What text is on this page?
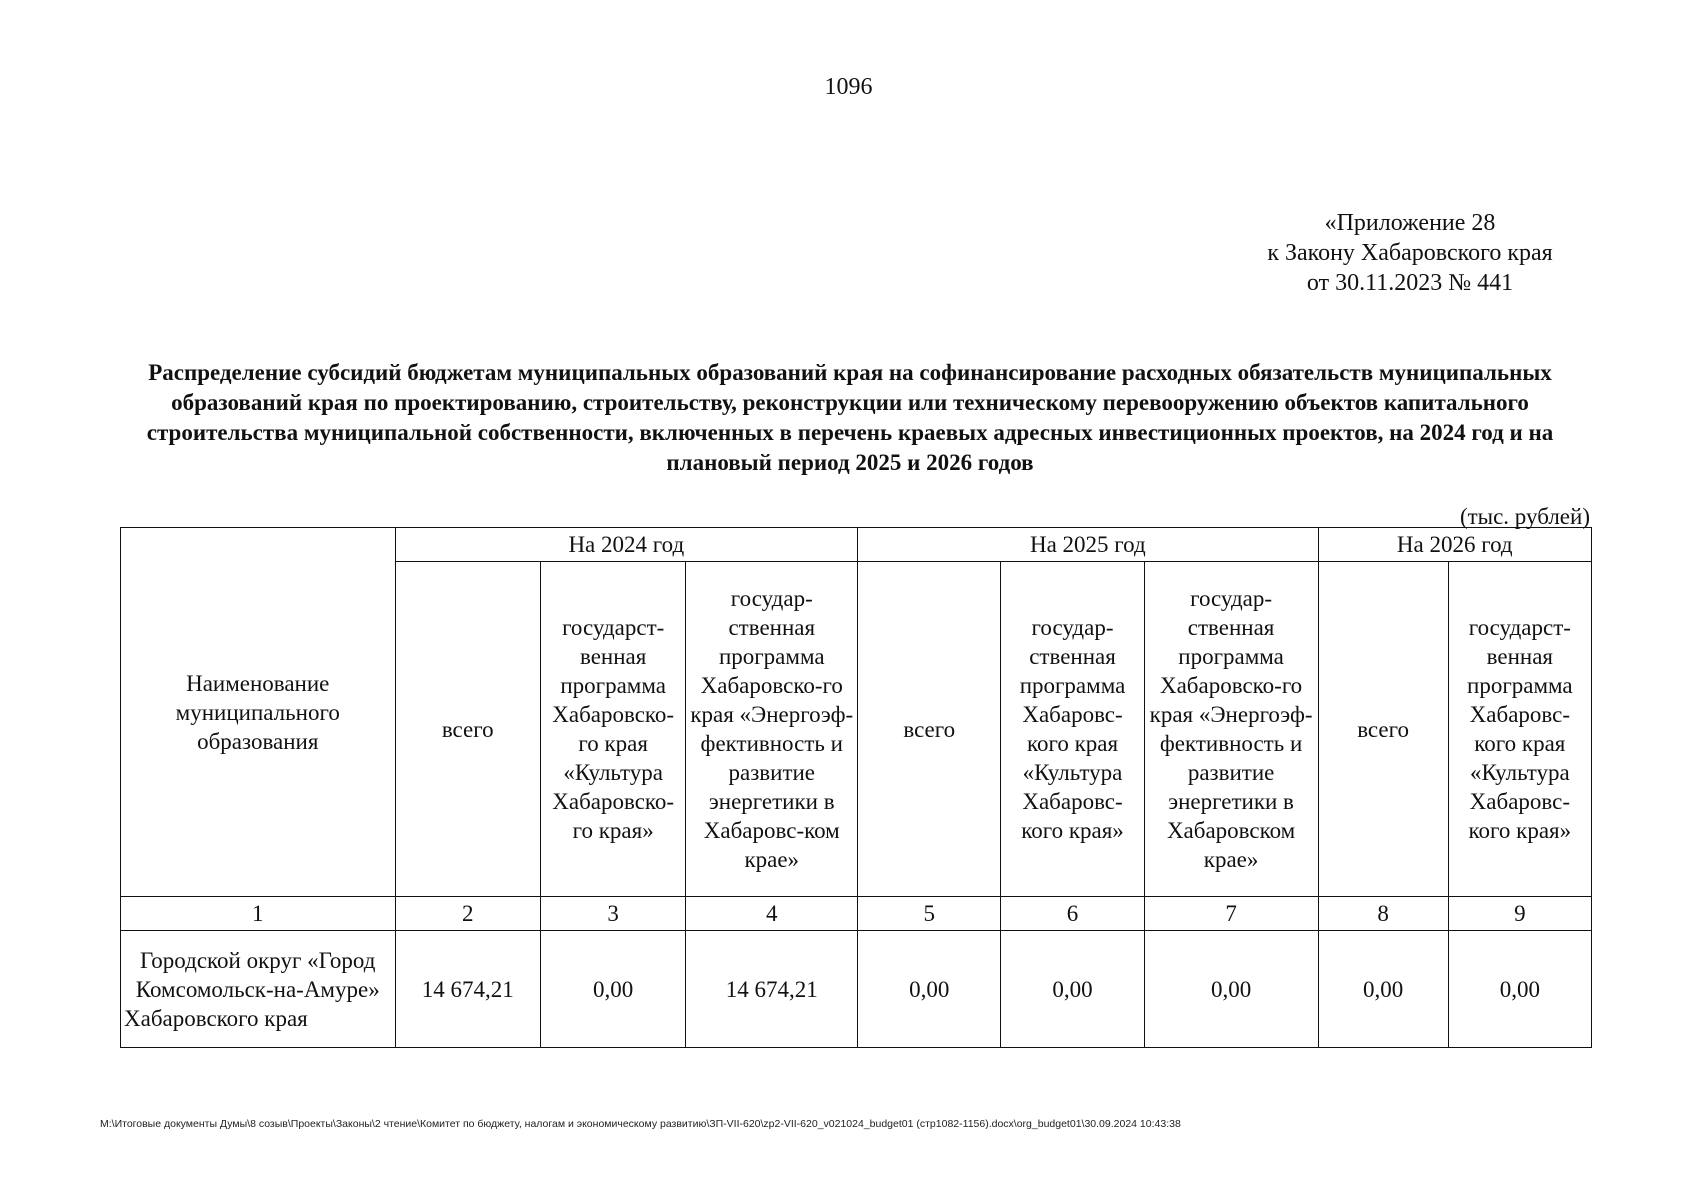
1096
«Приложение 28
к Закону Хабаровского края
от 30.11.2023 № 441
Распределение субсидий бюджетам муниципальных образований края на софинансирование расходных обязательств муниципальных образований края по проектированию, строительству, реконструкции или техническому перевооружению объектов капитального строительства муниципальной собственности, включенных в перечень краевых адресных инвестиционных проектов, на 2024 год и на плановый период 2025 и 2026 годов
(тыс. рублей)
Наименование муниципального образования	На 2024 год			На 2025 год			На 2026 год	
	всего	государст-венная программа Хабаровско-го края «Культура Хабаровско-го края»	государ-ственная программа Хабаровско-го края «Энергоэф-фективность и развитие энергетики в Хабаровс-ком крае»	всего	государ-ственная программа Хабаровс-кого края «Культура Хабаровс-кого края»	государ-ственная программа Хабаровско-го края «Энергоэф-фективность и развитие энергетики в Хабаровском крае»	всего	государст-венная программа Хабаровс-кого края «Культура Хабаровс-кого края»
1	2	3	4	5	6	7	8	9
Городской округ «Город Комсомольск-на-Амуре» Хабаровского края	14 674,21	0,00	14 674,21	0,00	0,00	0,00	0,00	0,00
M:\Итоговые документы Думы\8 созыв\Проекты\Законы\2 чтение\Комитет по бюджету, налогам и экономическому развитию\ЗП-VII-620\zp2-VII-620_v021024_budget01 (стр1082-1156).docx\org_budget01\30.09.2024 10:43:38
